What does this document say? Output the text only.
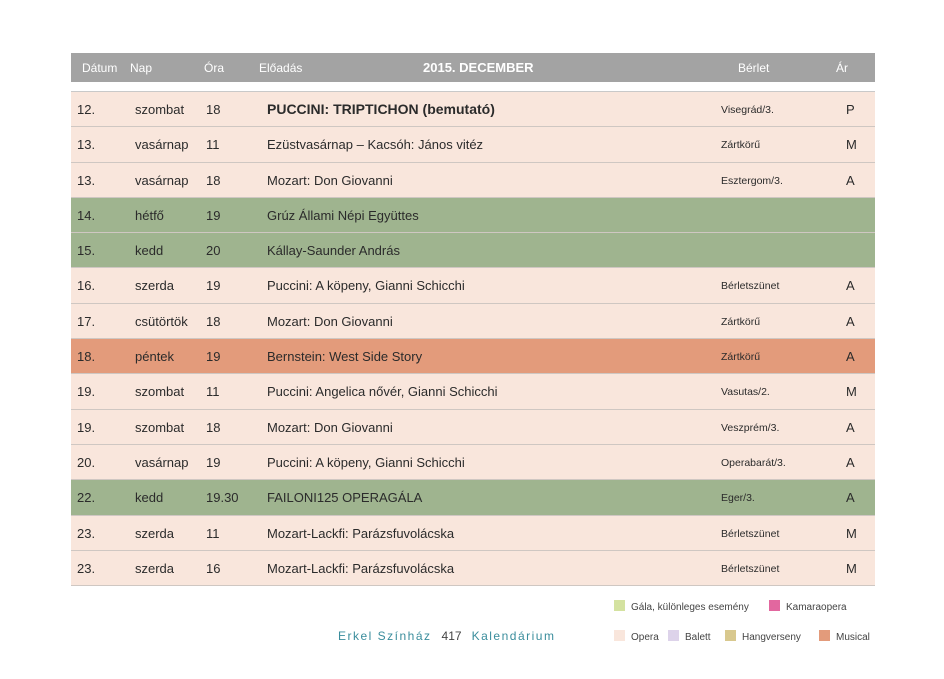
Dátum Nap	Óra	Előadás	2015. DECEMBER	Bérlet	Ár
12.	szombat 18	PUCCINI: TRIPTICHON (bemutató)	Visegrád/3.	P
13.	vasárnap 11	Ezüstvasárnap – Kacsóh: János vitéz	Zártkörű	M
13.	vasárnap 18	Mozart: Don Giovanni	Esztergom/3.	A
14.	hétfő	19	Grúz Állami Népi Együttes
15.	kedd	20	Kállay-Saunder András
16.	szerda 19	Puccini: A köpeny, Gianni Schicchi	Bérletszünet	A
17.	csütörtök 18	Mozart: Don Giovanni	Zártkörű	A
18.	péntek 19	Bernstein: West Side Story	Zártkörű	A
19.	szombat 11	Puccini: Angelica nővér, Gianni Schicchi	Vasutas/2.	M
19.	szombat 18	Mozart: Don Giovanni	Veszprém/3.	A
20.	vasárnap 19	Puccini: A köpeny, Gianni Schicchi	Operabarát/3.	A
22.	kedd	19.30 FAILONI125 OPERAGÁLA	Eger/3.	A
23.	szerda 11	Mozart-Lackfi: Parázsfuvolácska	Bérletszünet	M
23.	szerda 16	Mozart-Lackfi: Parázsfuvolácska	Bérletszünet	M
Gála, különleges esemény	Kamaraopera
Opera	Balett	Hangverseny	Musical
Erkel Színház 417 Kalendárium
